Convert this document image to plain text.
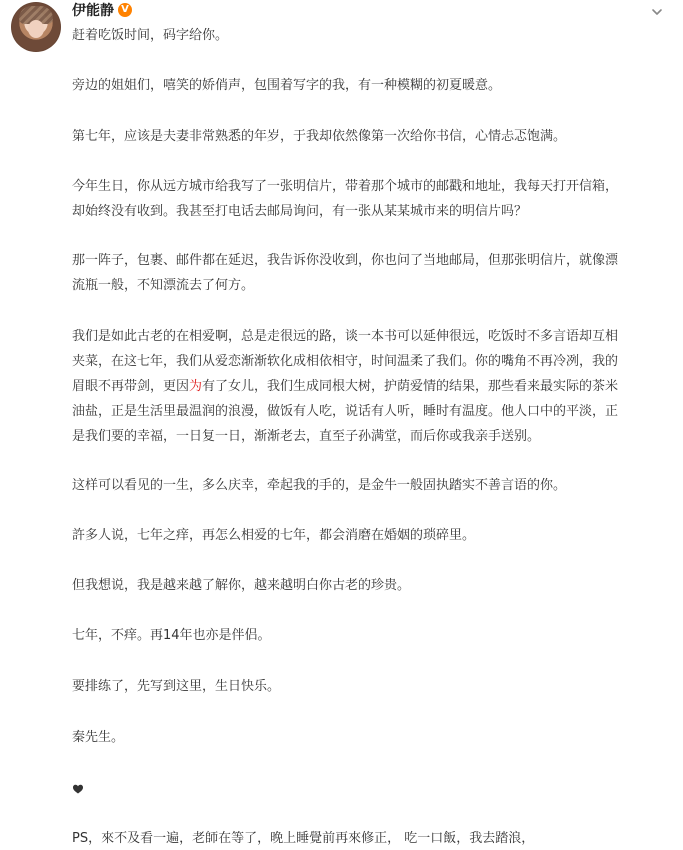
伊能静 V
赶着吃饭时间，码字给你。
旁边的姐姐们，嘻笑的娇俏声，包围着写字的我，有一种模糊的初夏暖意。
第七年，应该是夫妻非常熟悉的年岁，于我却依然像第一次给你书信，心情忐忑饱满。
今年生日，你从远方城市给我写了一张明信片，带着那个城市的邮戳和地址，我每天打开信箱，
却始终没有收到。我甚至打电话去邮局询问，有一张从某某城市来的明信片吗？
那一阵子，包裹、邮件都在延迟，我告诉你没收到，你也问了当地邮局，但那张明信片，就像漂
流瓶一般，不知漂流去了何方。
我们是如此古老的在相爱啊，总是走很远的路，谈一本书可以延伸很远，吃饭时不多言语却互相
夹菜，在这七年，我们从爱恋渐渐软化成相依相守，时间温柔了我们。你的嘴角不再冷冽，我的
眉眼不再带剑，更因为有了女儿，我们生成同根大树，护荫爱情的结果，那些看来最实际的茶米
油盐，正是生活里最温润的浪漫，做饭有人吃，说话有人听，睡时有温度。他人口中的平淡，正
是我们要的幸福，一日复一日，渐渐老去，直至子孙满堂，而后你或我亲手送别。
这样可以看见的一生，多么庆幸，牵起我的手的，是金牛一般固执踏实不善言语的你。
許多人说，七年之痒，再怎么相爱的七年，都会消磨在婚姻的琐碎里。
但我想说，我是越来越了解你，越来越明白你古老的珍贵。
七年，不痒。再14年也亦是伴侣。
要排练了，先写到这里，生日快乐。
秦先生。
PS，來不及看一遍，老師在等了，晚上睡覺前再來修正， 吃一口飯，我去踏浪，
